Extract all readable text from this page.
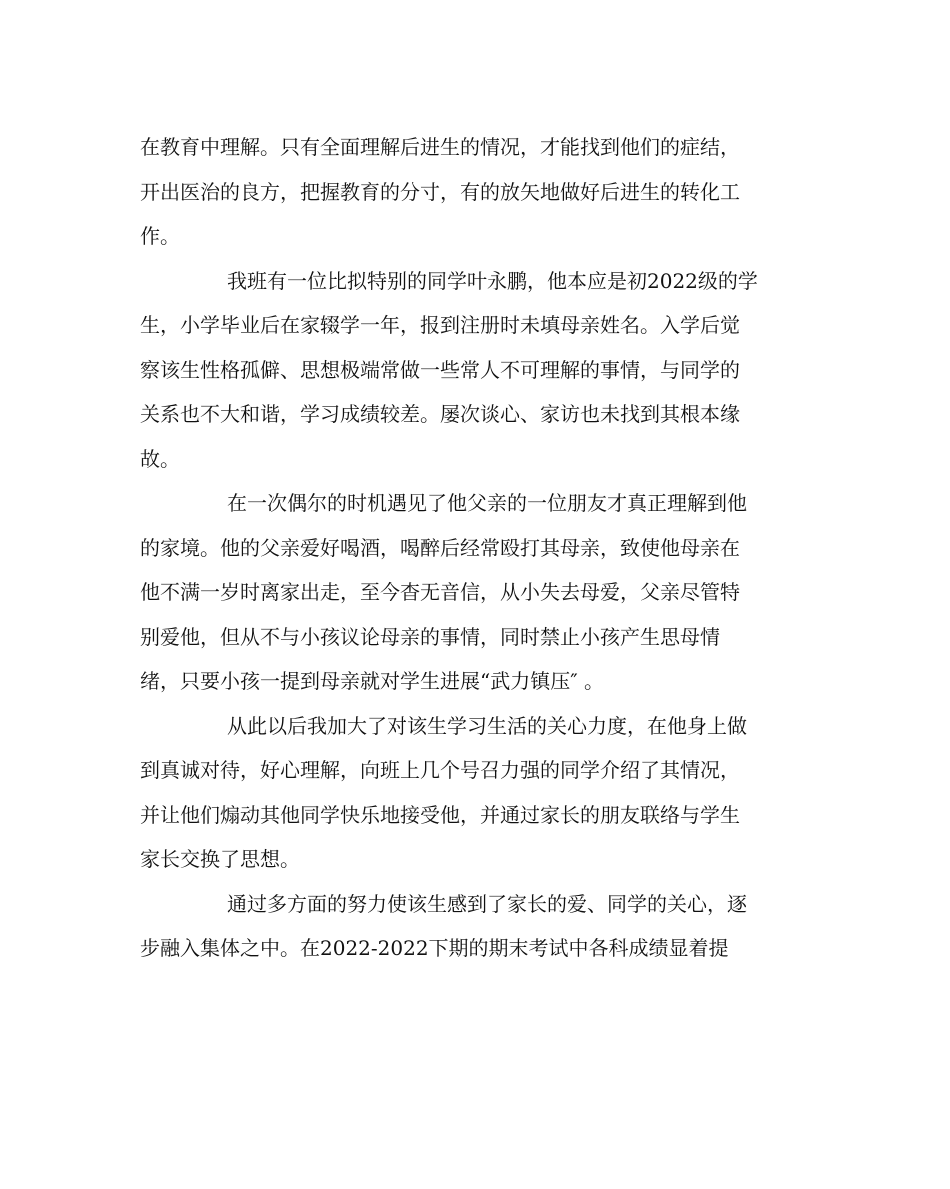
在教育中理解。只有全面理解后进生的情况，才能找到他们的症结，
开出医治的良方，把握教育的分寸，有的放矢地做好后进生的转化工
作。
我班有一位比拟特别的同学叶永鹏，他本应是初2022级的学
生，小学毕业后在家辍学一年，报到注册时未填母亲姓名。入学后觉
察该生性格孤僻、思想极端常做一些常人不可理解的事情，与同学的
关系也不大和谐，学习成绩较差。屡次谈心、家访也未找到其根本缘
故。
在一次偶尔的时机遇见了他父亲的一位朋友才真正理解到他
的家境。他的父亲爱好喝酒，喝醉后经常殴打其母亲，致使他母亲在
他不满一岁时离家出走，至今杳无音信，从小失去母爱，父亲尽管特
别爱他，但从不与小孩议论母亲的事情，同时禁止小孩产生思母情
绪，只要小孩一提到母亲就对学生进展“武力镇压″ 。
从此以后我加大了对该生学习生活的关心力度，在他身上做
到真诚对待，好心理解，向班上几个号召力强的同学介绍了其情况，
并让他们煽动其他同学快乐地接受他，并通过家长的朋友联络与学生
家长交换了思想。
通过多方面的努力使该生感到了家长的爱、同学的关心，逐
步融入集体之中。在2022-2022下期的期末考试中各科成绩显着提
